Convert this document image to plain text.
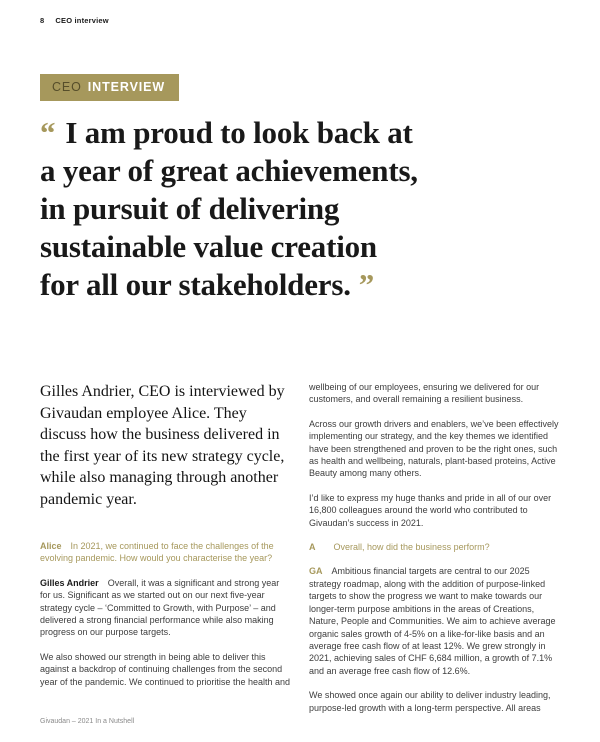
8 CEO interview
CEO INTERVIEW
“ I am proud to look back at
a year of great achievements,
in pursuit of delivering
sustainable value creation
for all our stakeholders. ”

Gilles Andrier, CEO is interviewed by Givaudan employee Alice. They discuss how the business delivered in the first year of its new strategy cycle, while also managing through another pandemic year.

Alice In 2021, we continued to face the challenges of the evolving pandemic. How would you characterise the year?

Gilles Andrier Overall, it was a significant and strong year for us. Significant as we started out on our next five-year strategy cycle – ‘Committed to Growth, with Purpose’ – and delivered a strong financial performance while also making progress on our purpose targets.

We also showed our strength in being able to deliver this against a backdrop of continuing challenges from the second year of the pandemic. We continued to prioritise the health and

wellbeing of our employees, ensuring we delivered for our customers, and overall remaining a resilient business.

Across our growth drivers and enablers, we’ve been effectively implementing our strategy, and the key themes we identified have been strengthened and proven to be the right ones, such as health and wellbeing, naturals, plant-based proteins, Active Beauty among many others.

I’d like to express my huge thanks and pride in all of our over 16,800 colleagues around the world who contributed to Givaudan’s success in 2021.

A Overall, how did the business perform?

GA Ambitious financial targets are central to our 2025 strategy roadmap, along with the addition of purpose-linked targets to show the progress we want to make towards our longer-term purpose ambitions in the areas of Creations, Nature, People and Communities. We aim to achieve average organic sales growth of 4-5% on a like-for-like basis and an average free cash flow of at least 12%. We grew strongly in 2021, achieving sales of CHF 6,684 million, a growth of 7.1% and an average free cash flow of 12.6%.

We showed once again our ability to deliver industry leading, purpose-led growth with a long-term perspective. All areas

Givaudan – 2021 In a Nutshell
